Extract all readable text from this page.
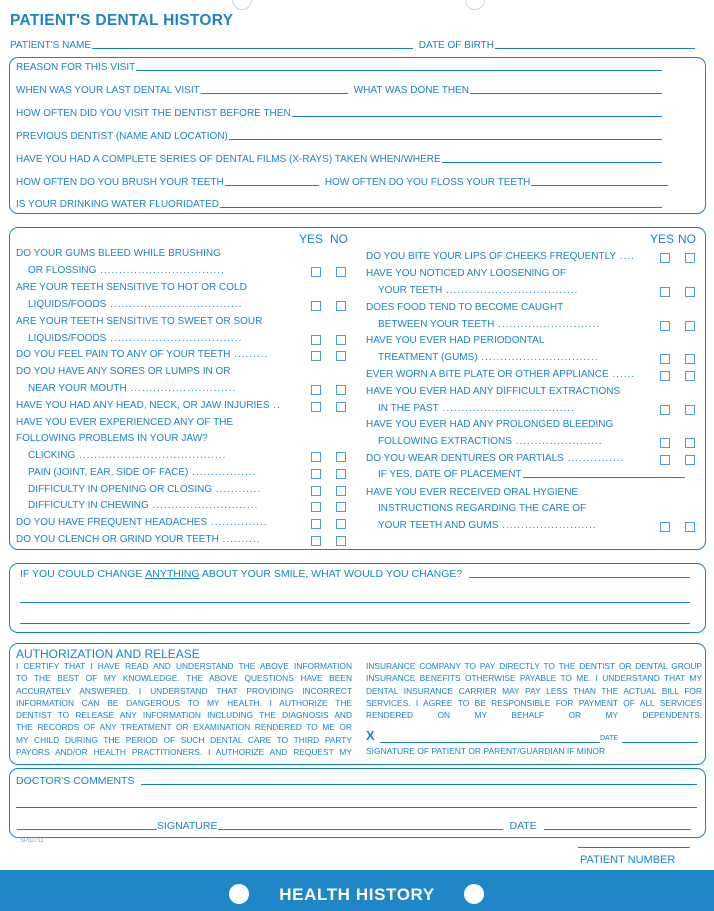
PATIENT'S DENTAL HISTORY
PATIENT'S NAME	DATE OF BIRTH
REASON FOR THIS VISIT
WHEN WAS YOUR LAST DENTAL VISIT	WHAT WAS DONE THEN
HOW OFTEN DID YOU VISIT THE DENTIST BEFORE THEN
PREVIOUS DENTIST (NAME AND LOCATION)
HAVE YOU HAD A COMPLETE SERIES OF DENTAL FILMS (X-RAYS) TAKEN WHEN/WHERE
HOW OFTEN DO YOU BRUSH YOUR TEETH	HOW OFTEN DO YOU FLOSS YOUR TEETH
IS YOUR DRINKING WATER FLUORIDATED
YES NO	YES NO
DO YOUR GUMS BLEED WHILE BRUSHING
OR FLOSSING .................................
ARE YOUR TEETH SENSITIVE TO HOT OR COLD
LIQUIDS/FOODS ...................................
ARE YOUR TEETH SENSITIVE TO SWEET OR SOUR
LIQUIDS/FOODS ...................................
DO YOU FEEL PAIN TO ANY OF YOUR TEETH .........
DO YOU HAVE ANY SORES OR LUMPS IN OR
NEAR YOUR MOUTH ............................
HAVE YOU HAD ANY HEAD, NECK, OR JAW INJURIES ..
HAVE YOU EVER EXPERIENCED ANY OF THE
FOLLOWING PROBLEMS IN YOUR JAW?
CLICKING .......................................
PAIN (JOINT, EAR, SIDE OF FACE) .................
DIFFICULTY IN OPENING OR CLOSING ............
DIFFICULTY IN CHEWING ............................
DO YOU HAVE FREQUENT HEADACHES ...............
DO YOU CLENCH OR GRIND YOUR TEETH ..........
DO YOU BITE YOUR LIPS OF CHEEKS FREQUENTLY ....
HAVE YOU NOTICED ANY LOOSENING OF
YOUR TEETH ...................................
DOES FOOD TEND TO BECOME CAUGHT
BETWEEN YOUR TEETH ...........................
HAVE YOU EVER HAD PERIODONTAL
TREATMENT (GUMS) ...............................
EVER WORN A BITE PLATE OR OTHER APPLIANCE ......
HAVE YOU EVER HAD ANY DIFFICULT EXTRACTIONS
IN THE PAST ...................................
HAVE YOU EVER HAD ANY PROLONGED BLEEDING
FOLLOWING EXTRACTIONS .......................
DO YOU WEAR DENTURES OR PARTIALS ...............
IF YES, DATE OF PLACEMENT
HAVE YOU EVER RECEIVED ORAL HYGIENE
INSTRUCTIONS REGARDING THE CARE OF
YOUR TEETH AND GUMS .........................
IF YOU COULD CHANGE ANYTHING ABOUT YOUR SMILE, WHAT WOULD YOU CHANGE?
AUTHORIZATION AND RELEASE
I CERTIFY THAT I HAVE READ AND UNDERSTAND THE ABOVE INFORMATION
TO THE BEST OF MY KNOWLEDGE. THE ABOVE QUESTIONS HAVE BEEN
ACCURATELY ANSWERED. I UNDERSTAND THAT PROVIDING INCORRECT
INFORMATION CAN BE DANGEROUS TO MY HEALTH. I AUTHORIZE THE
DENTIST TO RELEASE ANY INFORMATION INCLUDING THE DIAGNOSIS AND
THE RECORDS OF ANY TREATMENT OR EXAMINATION RENDERED TO ME OR
MY CHILD DURING THE PERIOD OF SUCH DENTAL CARE TO THIRD PARTY
PAYORS AND/OR HEALTH PRACTITIONERS. I AUTHORIZE AND REQUEST MY
INSURANCE COMPANY TO PAY DIRECTLY TO THE DENTIST OR DENTAL GROUP
INSURANCE BENEFITS OTHERWISE PAYABLE TO ME. I UNDERSTAND THAT MY
DENTAL INSURANCE CARRIER MAY PAY LESS THAN THE ACTUAL BILL FOR
SERVICES. I AGREE TO BE RESPONSIBLE FOR PAYMENT OF ALL SERVICES
RENDERED ON MY BEHALF OR MY DEPENDENTS.
X	DATE
SIGNATURE OF PATIENT OR PARENT/GUARDIAN IF MINOR
DOCTOR'S COMMENTS
SIGNATURE	DATE
SPID711
PATIENT NUMBER
HEALTH HISTORY
